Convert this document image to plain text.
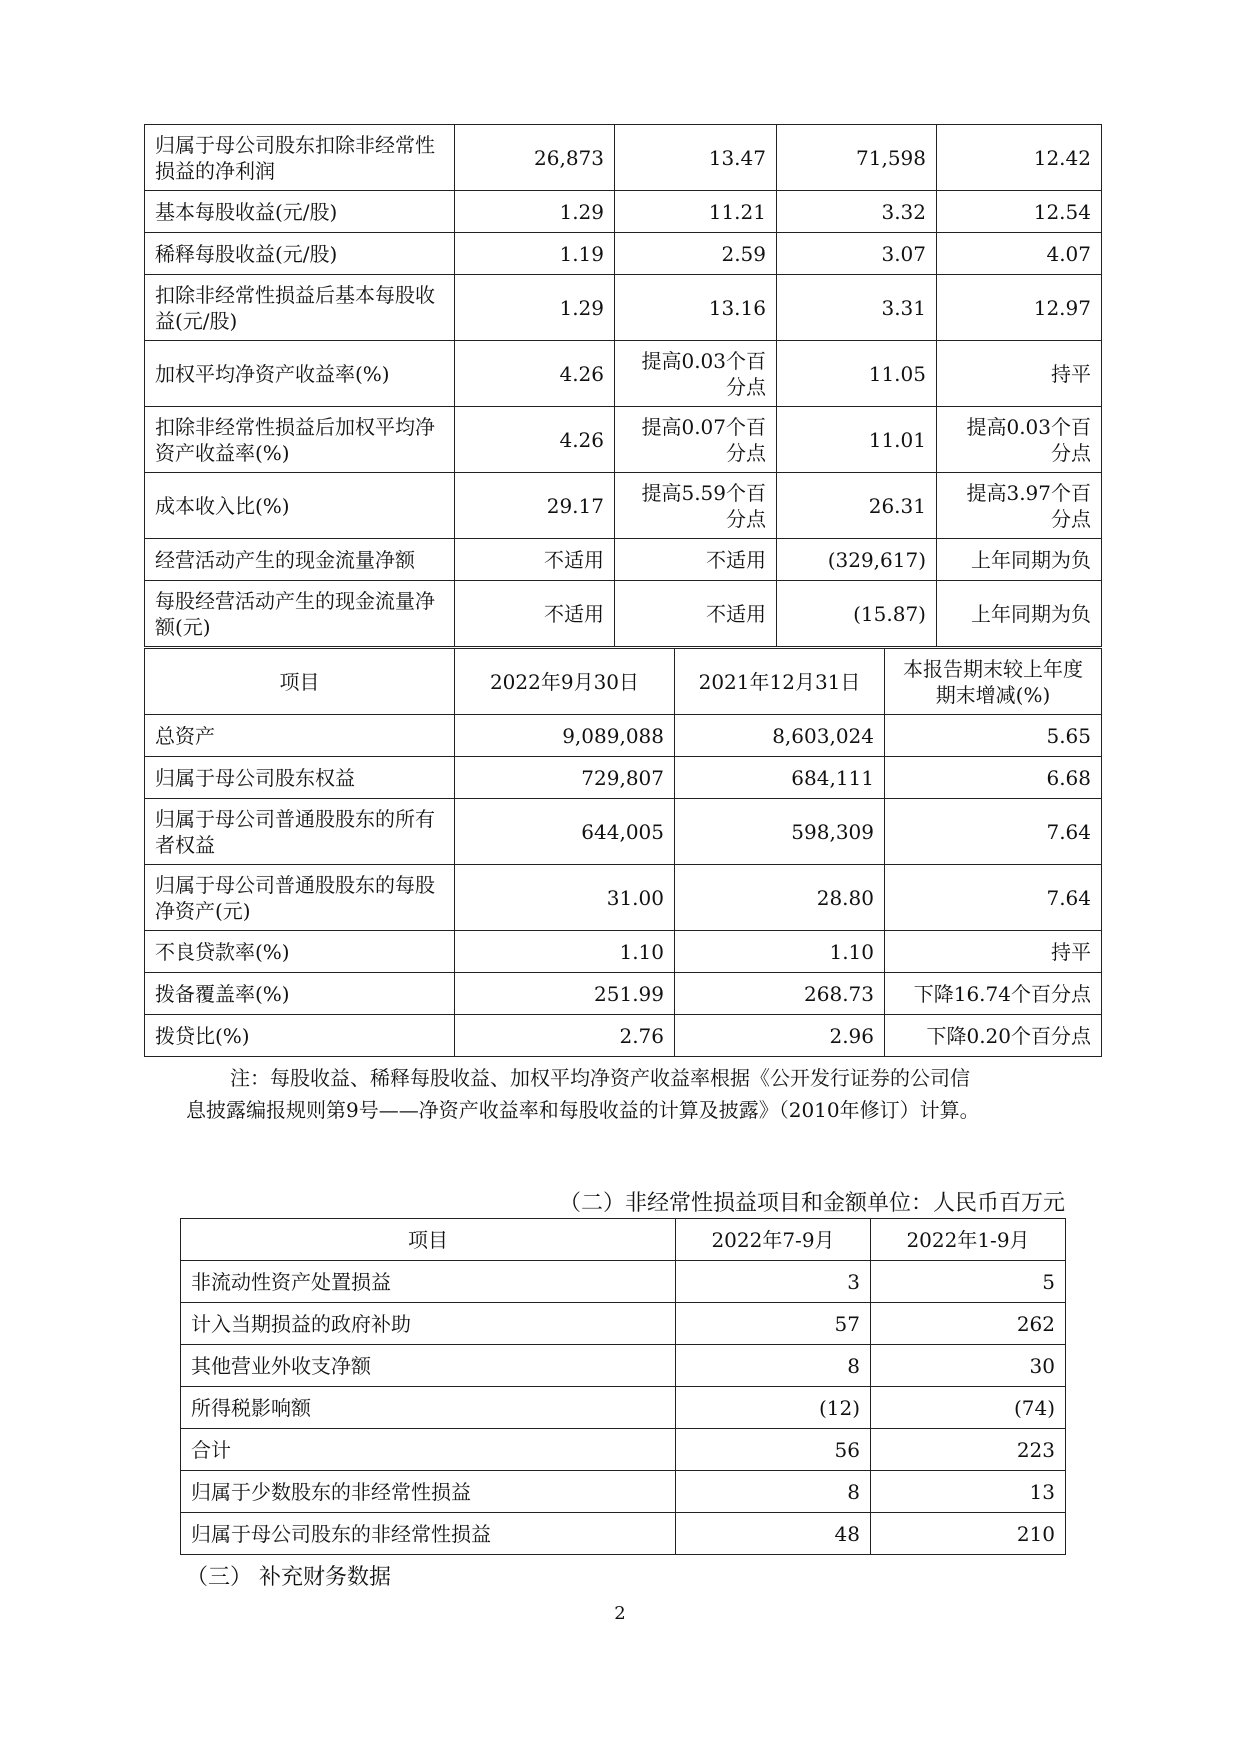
归属于母公司股东扣除非经常性损益的净利润	26,873	13.47	71,598	12.42
基本每股收益(元/股)	1.29	11.21	3.32	12.54
稀释每股收益(元/股)	1.19	2.59	3.07	4.07
扣除非经常性损益后基本每股收益(元/股)	1.29	13.16	3.31	12.97
加权平均净资产收益率(%)	4.26	提高0.03个百分点	11.05	持平
扣除非经常性损益后加权平均净资产收益率(%)	4.26	提高0.07个百分点	11.01	提高0.03个百分点
成本收入比(%)	29.17	提高5.59个百分点	26.31	提高3.97个百分点
经营活动产生的现金流量净额	不适用	不适用	(329,617)	上年同期为负
每股经营活动产生的现金流量净额(元)	不适用	不适用	(15.87)	上年同期为负
项目	2022年9月30日	2021年12月31日	本报告期末较上年度期末增减(%)
总资产	9,089,088	8,603,024	5.65
归属于母公司股东权益	729,807	684,111	6.68
归属于母公司普通股股东的所有者权益	644,005	598,309	7.64
归属于母公司普通股股东的每股净资产(元)	31.00	28.80	7.64
不良贷款率(%)	1.10	1.10	持平
拨备覆盖率(%)	251.99	268.73	下降16.74个百分点
拨贷比(%)	2.76	2.96	下降0.20个百分点
注：每股收益、稀释每股收益、加权平均净资产收益率根据《公开发行证券的公司信
息披露编报规则第9号——净资产收益率和每股收益的计算及披露》（2010年修订）计算。
（二）非经常性损益项目和金额单位：人民币百万元
项目	2022年7-9月	2022年1-9月
非流动性资产处置损益	3	5
计入当期损益的政府补助	57	262
其他营业外收支净额	8	30
所得税影响额	(12)	(74)
合计	56	223
归属于少数股东的非经常性损益	8	13
归属于母公司股东的非经常性损益	48	210
（三） 补充财务数据
2
